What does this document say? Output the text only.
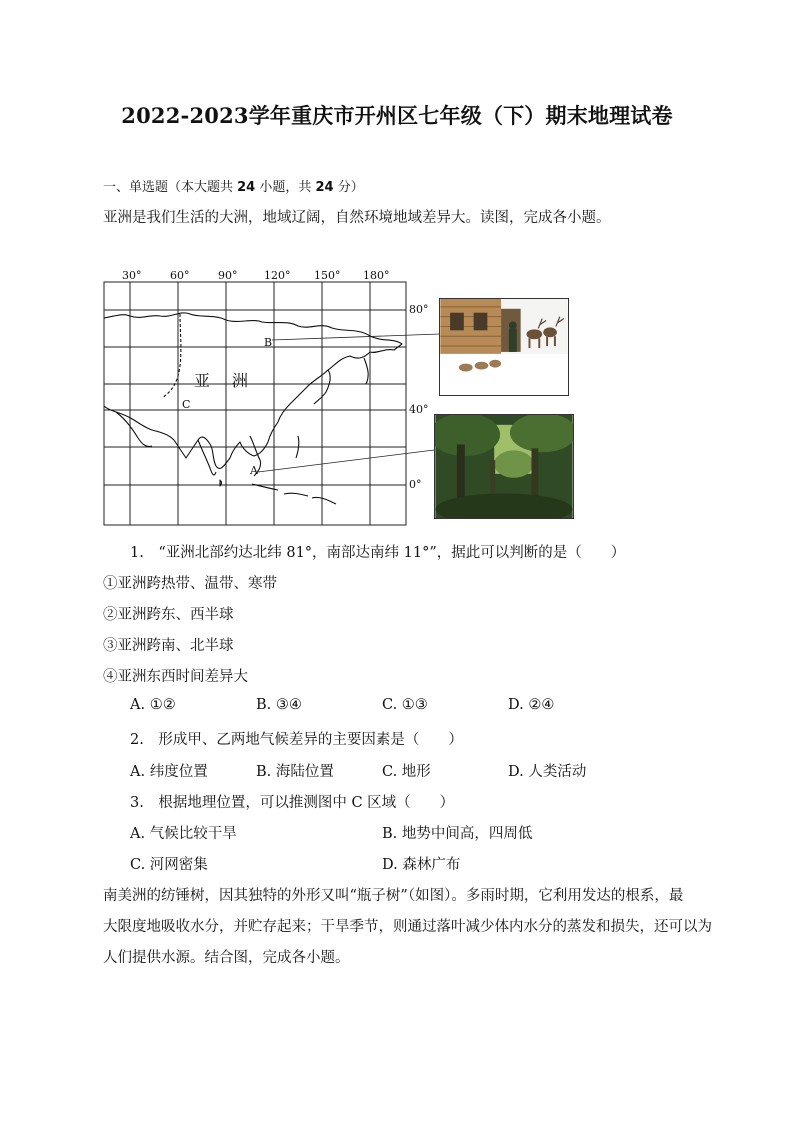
2022-2023学年重庆市开州区七年级（下）期末地理试卷
一、单选题（本大题共 24 小题，共 24 分）
亚洲是我们生活的大洲，地域辽阔，自然环境地域差异大。读图，完成各小题。
30°	60°	90° 120° 150° 180°
80°
40°
0°
亚 洲
A
B
C
1.　“亚洲北部约达北纬 81°，南部达南纬 11°”，据此可以判断的是（　　）
①亚洲跨热带、温带、寒带
②亚洲跨东、西半球
③亚洲跨南、北半球
④亚洲东西时间差异大
A. ①②	B. ③④	C. ①③	D. ②④
2.　形成甲、乙两地气候差异的主要因素是（　　）
A. 纬度位置	B. 海陆位置	C. 地形	D. 人类活动
3.　根据地理位置，可以推测图中 C 区域（　　）
A. 气候比较干旱	B. 地势中间高，四周低
C. 河网密集	D. 森林广布
南美洲的纺锤树，因其独特的外形又叫“瓶子树”（如图）。多雨时期，它利用发达的根系，最
大限度地吸收水分，并贮存起来；干旱季节，则通过落叶减少体内水分的蒸发和损失，还可以为
人们提供水源。结合图，完成各小题。
